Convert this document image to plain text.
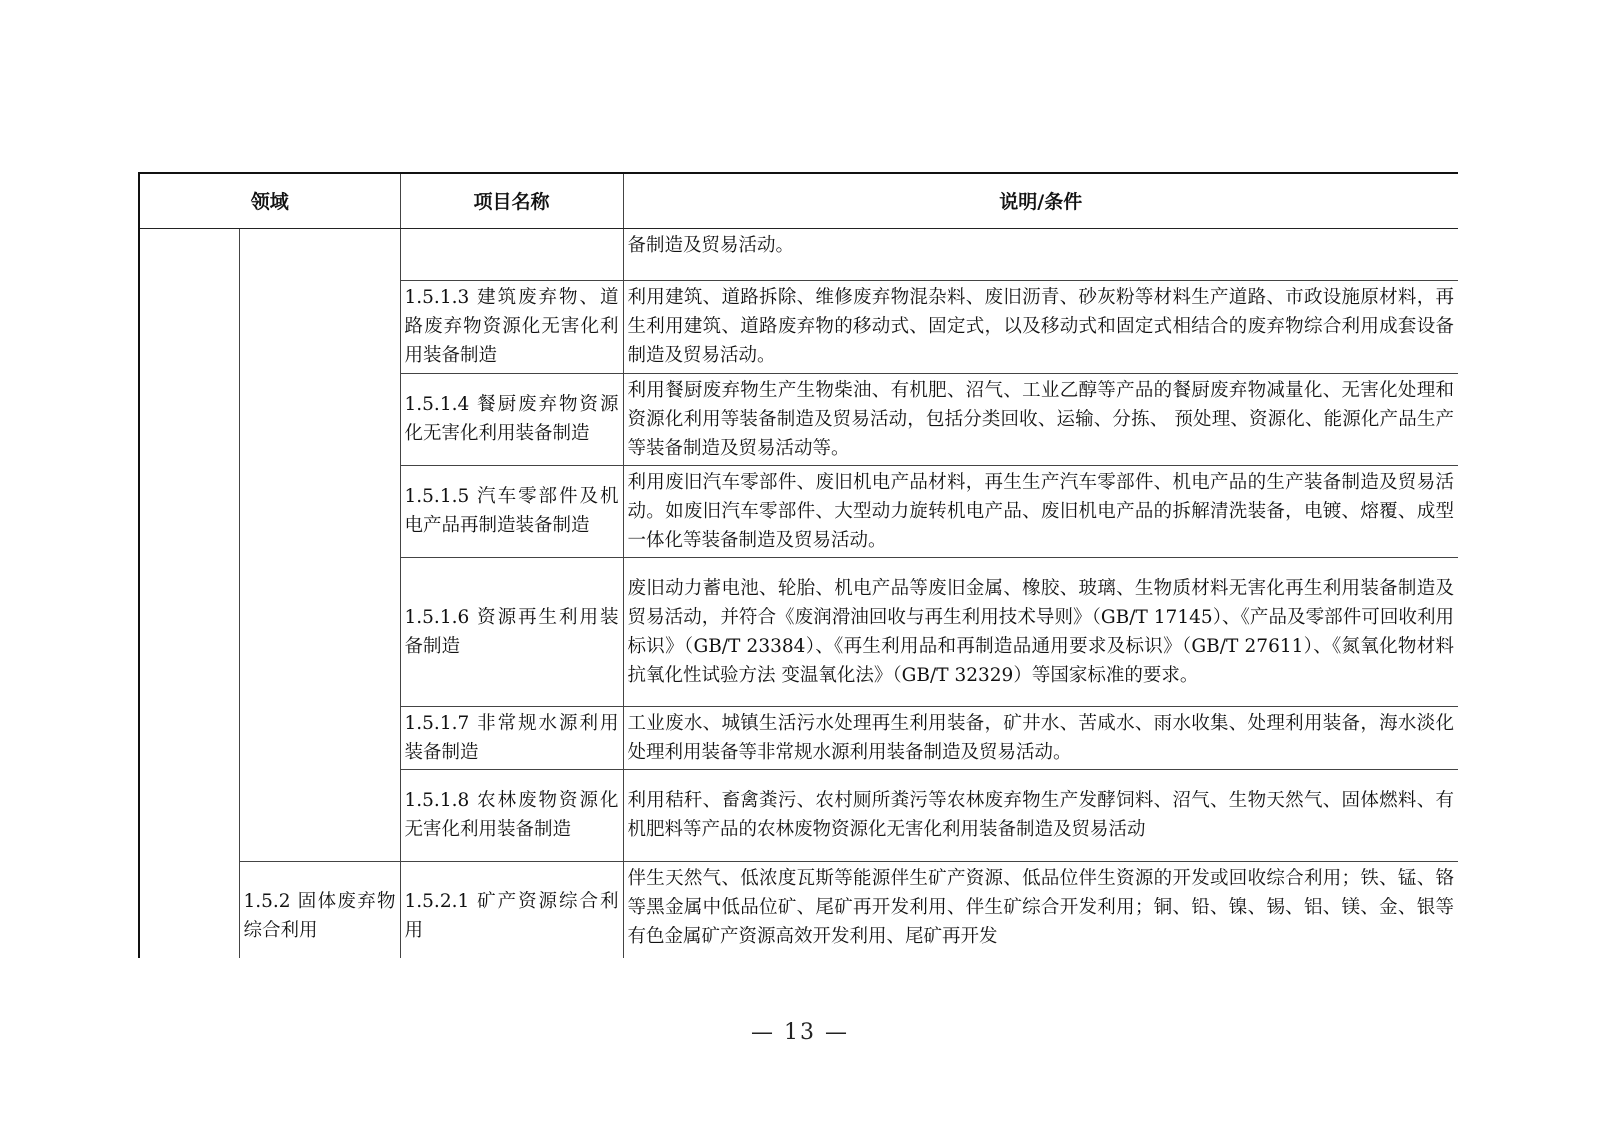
领域		项目名称	说明/条件
			备制造及贸易活动。
		1.5.1.3 建筑废弃物、道路废弃物资源化无害化利用装备制造	利用建筑、道路拆除、维修废弃物混杂料、废旧沥青、砂灰粉等材料生产道路、市政设施原材料，再生利用建筑、道路废弃物的移动式、固定式，以及移动式和固定式相结合的废弃物综合利用成套设备制造及贸易活动。
		1.5.1.4 餐厨废弃物资源化无害化利用装备制造	利用餐厨废弃物生产生物柴油、有机肥、沼气、工业乙醇等产品的餐厨废弃物减量化、无害化处理和资源化利用等装备制造及贸易活动，包括分类回收、运输、分拣、 预处理、资源化、能源化产品生产等装备制造及贸易活动等。
		1.5.1.5 汽车零部件及机电产品再制造装备制造	利用废旧汽车零部件、废旧机电产品材料，再生生产汽车零部件、机电产品的生产装备制造及贸易活动。如废旧汽车零部件、大型动力旋转机电产品、废旧机电产品的拆解清洗装备，电镀、熔覆、成型一体化等装备制造及贸易活动。
		1.5.1.6 资源再生利用装备制造	废旧动力蓄电池、轮胎、机电产品等废旧金属、橡胶、玻璃、生物质材料无害化再生利用装备制造及贸易活动，并符合《废润滑油回收与再生利用技术导则》（GB/T 17145）、《产品及零部件可回收利用标识》（GB/T 23384）、《再生利用品和再制造品通用要求及标识》（GB/T 27611）、《氮氧化物材料抗氧化性试验方法 变温氧化法》（GB/T 32329）等国家标准的要求。
		1.5.1.7 非常规水源利用装备制造	工业废水、城镇生活污水处理再生利用装备，矿井水、苦咸水、雨水收集、处理利用装备，海水淡化处理利用装备等非常规水源利用装备制造及贸易活动。
		1.5.1.8 农林废物资源化无害化利用装备制造	利用秸秆、畜禽粪污、农村厕所粪污等农林废弃物生产发酵饲料、沼气、生物天然气、固体燃料、有机肥料等产品的农林废物资源化无害化利用装备制造及贸易活动
	1.5.2 固体废弃物综合利用	1.5.2.1 矿产资源综合利用	伴生天然气、低浓度瓦斯等能源伴生矿产资源、低品位伴生资源的开发或回收综合利用；铁、锰、铬等黑金属中低品位矿、尾矿再开发利用、伴生矿综合开发利用；铜、铅、镍、锡、铝、镁、金、银等有色金属矿产资源高效开发利用、尾矿再开发
— 13 —
